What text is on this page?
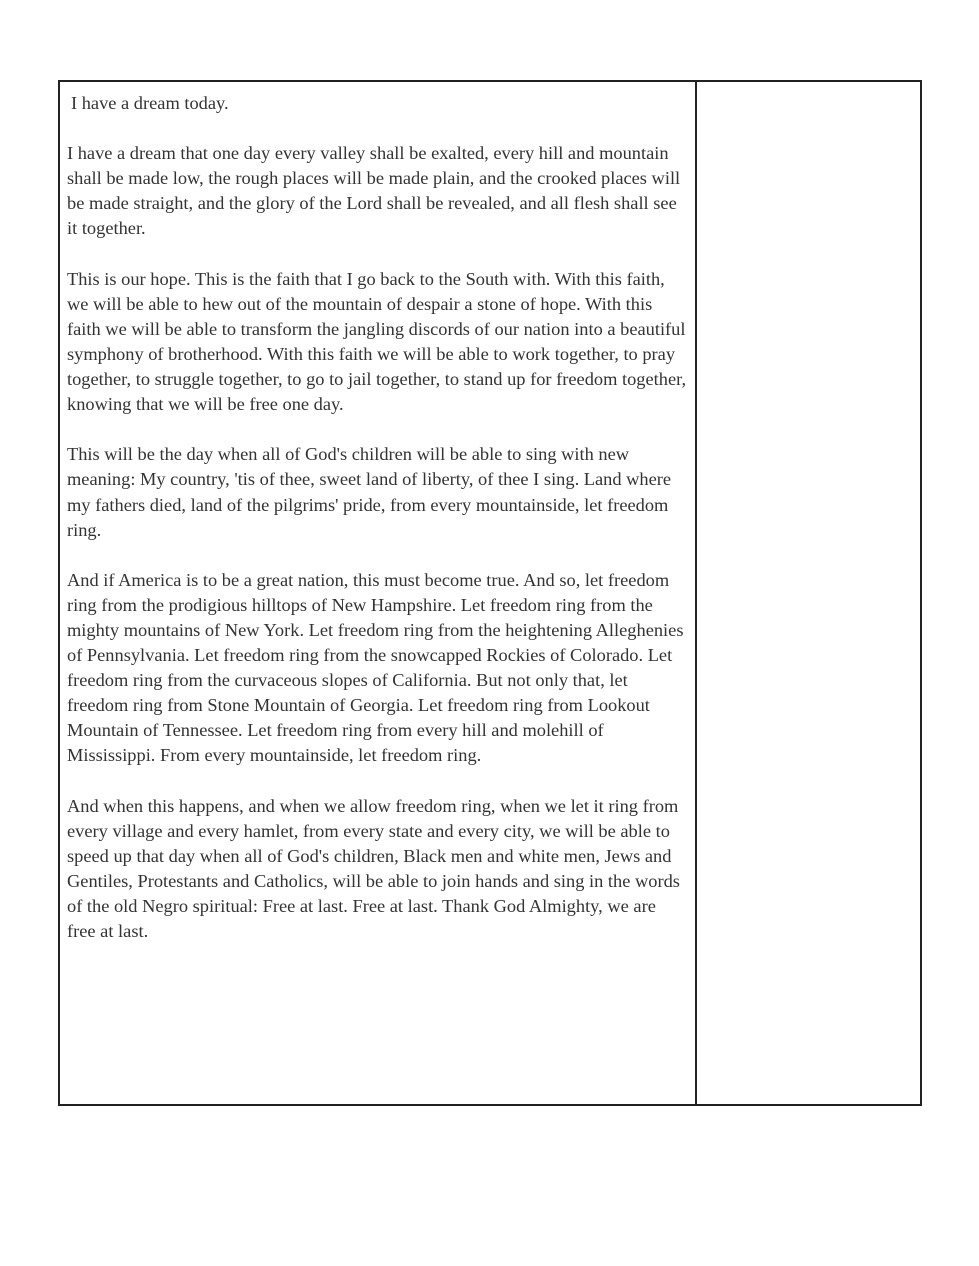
I have a dream today.

I have a dream that one day every valley shall be exalted, every hill and mountain shall be made low, the rough places will be made plain, and the crooked places will be made straight, and the glory of the Lord shall be revealed, and all flesh shall see it together.

This is our hope. This is the faith that I go back to the South with. With this faith, we will be able to hew out of the mountain of despair a stone of hope. With this faith we will be able to transform the jangling discords of our nation into a beautiful symphony of brotherhood. With this faith we will be able to work together, to pray together, to struggle together, to go to jail together, to stand up for freedom together, knowing that we will be free one day.

This will be the day when all of God's children will be able to sing with new meaning: My country, 'tis of thee, sweet land of liberty, of thee I sing. Land where my fathers died, land of the pilgrims' pride, from every mountainside, let freedom ring.

And if America is to be a great nation, this must become true. And so, let freedom ring from the prodigious hilltops of New Hampshire. Let freedom ring from the mighty mountains of New York. Let freedom ring from the heightening Alleghenies of Pennsylvania. Let freedom ring from the snowcapped Rockies of Colorado. Let freedom ring from the curvaceous slopes of California. But not only that, let freedom ring from Stone Mountain of Georgia. Let freedom ring from Lookout Mountain of Tennessee. Let freedom ring from every hill and molehill of Mississippi. From every mountainside, let freedom ring.

And when this happens, and when we allow freedom ring, when we let it ring from every village and every hamlet, from every state and every city, we will be able to speed up that day when all of God's children, Black men and white men, Jews and Gentiles, Protestants and Catholics, will be able to join hands and sing in the words of the old Negro spiritual: Free at last. Free at last. Thank God Almighty, we are free at last.
